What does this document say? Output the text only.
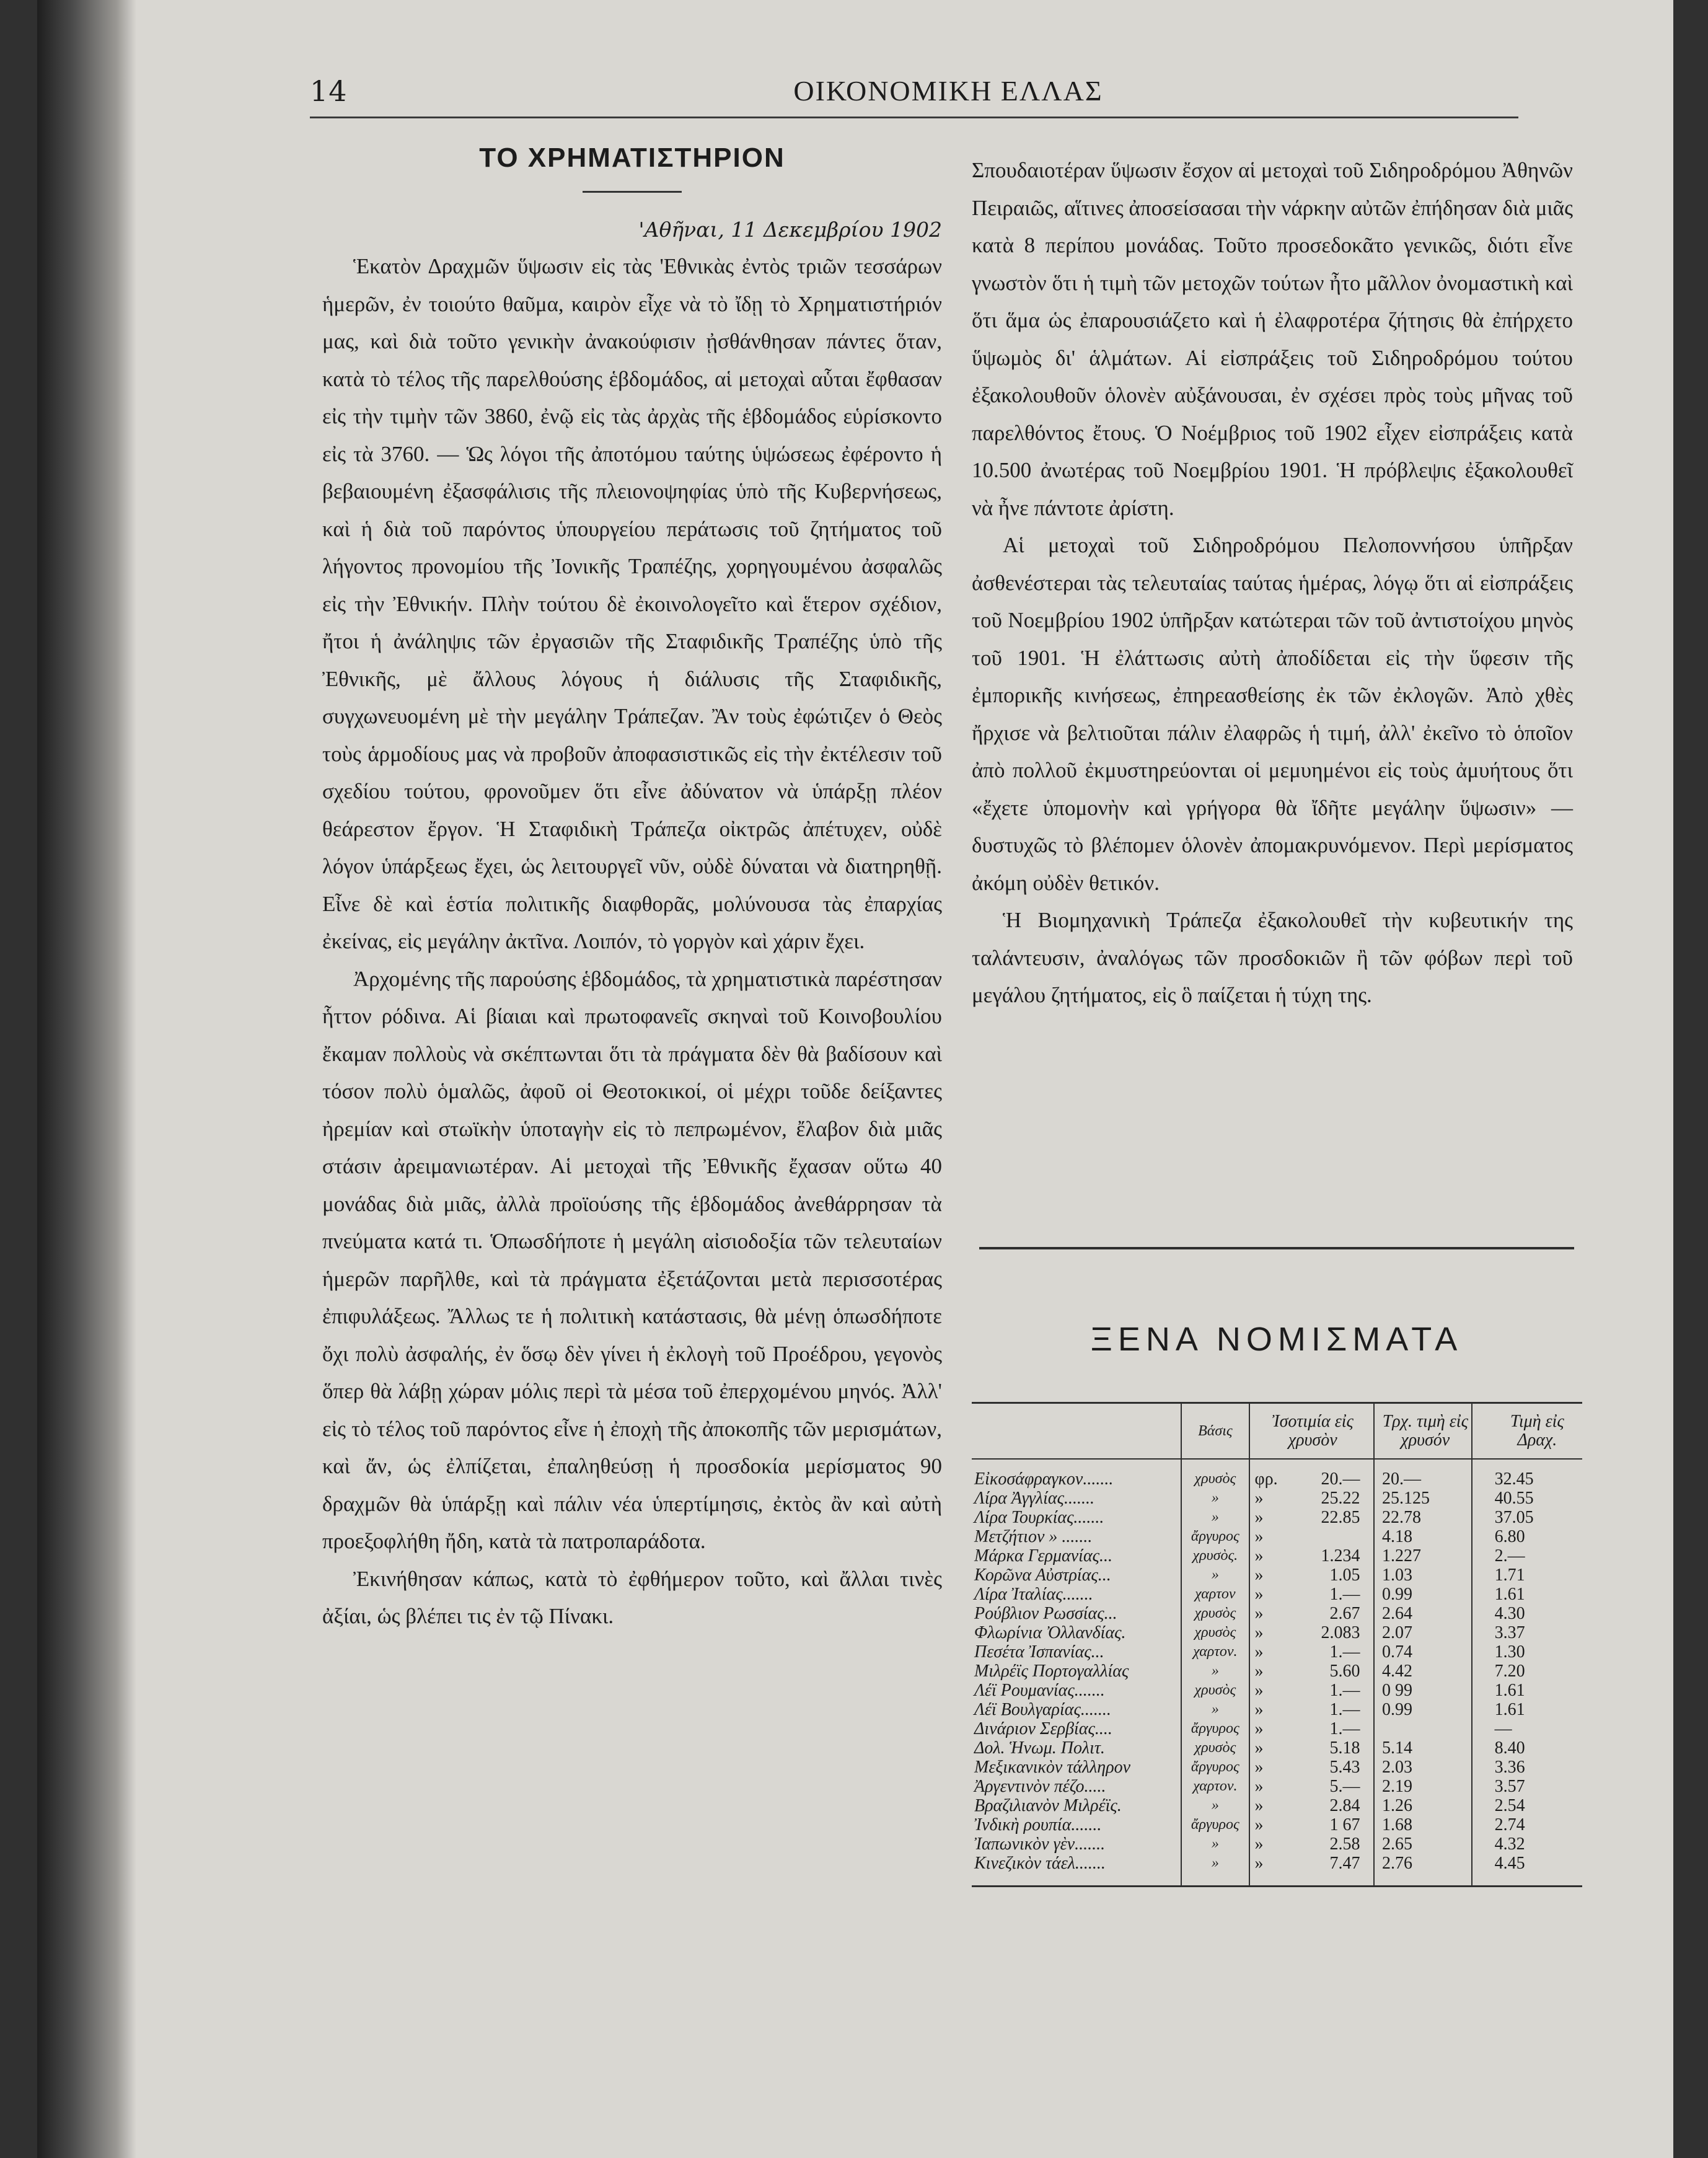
14	ΟΙΚΟΝΟΜΙΚΗ ΕΛΛΑΣ
ΤΟ ΧΡΗΜΑΤΙΣΤΗΡΙΟΝ
'Αθῆναι, 11 Δεκεμβρίου 1902

Ἑκατὸν Δραχμῶν ὕψωσιν εἰς τὰς 'Εθνικὰς ἐντὸς τριῶν τεσσάρων ἡμερῶν, ἐν τοιούτο θαῦμα, καιρὸν εἶχε νὰ τὸ ἴδῃ τὸ Χρηματιστήριόν μας, καὶ διὰ τοῦτο γενικὴν ἀνακούφισιν ᾐσθάνθησαν πάντες ὅταν, κατὰ τὸ τέλος τῆς παρελθούσης ἑβδομάδος, αἱ μετοχαὶ αὗται ἔφθασαν εἰς τὴν τιμὴν τῶν 3860, ἐνῷ εἰς τὰς ἀρχὰς τῆς ἑβδομάδος εὑρίσκοντο εἰς τὰ 3760. — Ὡς λόγοι τῆς ἀποτόμου ταύτης ὑψώσεως ἐφέροντο ἡ βεβαιουμένη ἐξασφάλισις τῆς πλειονοψηφίας ὑπὸ τῆς Κυβερνήσεως, καὶ ἡ διὰ τοῦ παρόντος ὑπουργείου πεpάτωσις τοῦ ζητήματος τοῦ λήγοντος προνομίου τῆς Ἰονικῆς Τραπέζης, χορηγουμένου ἀσφαλῶς εἰς τὴν Ἐθνικήν. Πλὴν τούτου δὲ ἐκοινολογεῖτο καὶ ἕτερον σχέδιον, ἤτοι ἡ ἀνάληψις τῶν ἐργασιῶν τῆς Σταφιδικῆς Τραπέζης ὑπὸ τῆς Ἐθνικῆς, μὲ ἄλλους λόγους ἡ διάλυσις τῆς Σταφιδικῆς, συγχωνευομένη μὲ τὴν μεγάλην Τράπεζαν. Ἂν τοὺς ἐφώτιζεν ὁ Θεὸς τοὺς ἁρμοδίους μας νὰ προβοῦν ἀποφασιστικῶς εἰς τὴν ἐκτέλεσιν τοῦ σχεδίου τούτου, φρονοῦμεν ὅτι εἶνε ἀδύνατον νὰ ὑπάρξῃ πλέον θεάρεστον ἔργον. Ἡ Σταφιδικὴ Τράπεζα οἰκτρῶς ἀπέτυχεν, οὐδὲ λόγον ὑπάρξεως ἔχει, ὡς λειτουργεῖ νῦν, οὐδὲ δύναται νὰ διατηρηθῇ. Εἶνε δὲ καὶ ἑστία πολιτικῆς διαφθορᾶς, μολύνουσα τὰς ἐπαρχίας ἐκείνας, εἰς μεγάλην ἀκτῖνα. Λοιπόν, τὸ γοργὸν καὶ χάριν ἔχει.

Ἀρχομένης τῆς παρούσης ἑβδομάδος, τὰ χρηματιστικὰ παρέστησαν ἧττον ρόδινα. Αἱ βίαιαι καὶ πρωτοφανεῖς σκηναὶ τοῦ Κοινοβουλίου ἔκαμαν πολλοὺς νὰ σκέπτωνται ὅτι τὰ πράγματα δὲν θὰ βαδίσουν καὶ τόσον πολὺ ὁμαλῶς, ἀφοῦ οἱ Θεοτοκικοί, οἱ μέχρι τοῦδε δείξαντες ἠρεμίαν καὶ στωϊκὴν ὑποταγὴν εἰς τὸ πεπρωμένον, ἔλαβον διὰ μιᾶς στάσιν ἀρειμανιωτέραν. Αἱ μετοχαὶ τῆς Ἐθνικῆς ἔχασαν οὕτω 40 μονάδας διὰ μιᾶς, ἀλλὰ προϊούσης τῆς ἑβδομάδος ἀνεθάρρησαν τὰ πνεύματα κατά τι. Ὁπωσδήποτε ἡ μεγάλη αἰσιοδοξία τῶν τελευταίων ἡμερῶν παρῆλθε, καὶ τὰ πράγματα ἐξετάζονται μετὰ περισσοτέρας ἐπιφυλάξεως. Ἄλλως τε ἡ πολιτικὴ κατάστασις, θὰ μένῃ ὁπωσδήποτε ὄχι πολὺ ἀσφαλής, ἐν ὅσῳ δὲν γίνει ἡ ἐκλογὴ τοῦ Προέδρου, γεγονὸς ὅπερ θὰ λάβῃ χώραν μόλις περὶ τὰ μέσα τοῦ ἐπερχομένου μηνός. Ἀλλ' εἰς τὸ τέλος τοῦ παρόντος εἶνε ἡ ἐποχὴ τῆς ἀποκοπῆς τῶν μερισμάτων, καὶ ἄν, ὡς ἐλπίζεται, ἐπαληθεύσῃ ἡ προσδοκία μερίσματος 90 δραχμῶν θὰ ὑπάρξῃ καὶ πάλιν νέα ὑπερτίμησις, ἐκτὸς ἂν καὶ αὐτὴ προεξοφλήθη ἤδη, κατὰ τὰ πατροπαράδοτα.

Ἐκινήθησαν κάπως, κατὰ τὸ ἐφθήμερον τοῦτο, καὶ ἄλλαι τινὲς ἀξίαι, ὡς βλέπει τις ἐν τῷ Πίνακι.

Σπουδαιοτέραν ὕψωσιν ἔσχον αἱ μετοχαὶ τοῦ Σιδηροδρόμου Ἀθηνῶν Πειραιῶς, αἵτινες ἀποσείσασαι τὴν νάρκην αὐτῶν ἐπήδησαν διὰ μιᾶς κατὰ 8 περίπου μονάδας. Τοῦτο προσεδοκᾶτο γενικῶς, διότι εἶνε γνωστὸν ὅτι ἡ τιμὴ τῶν μετοχῶν τούτων ἦτο μᾶλλον ὀνομαστικὴ καὶ ὅτι ἅμα ὡς ἐπαρουσιάζετο καὶ ἡ ἐλαφροτέρα ζήτησις θὰ ἐπήρχετο ὕψωμὸς δι' ἁλμάτων. Αἱ εἰσπράξεις τοῦ Σιδηροδρόμου τούτου ἐξακολουθοῦν ὁλονὲν αὐξάνουσαι, ἐν σχέσει πρὸς τοὺς μῆνας τοῦ παρελθόντος ἔτους. Ὁ Νοέμβριος τοῦ 1902 εἶχεν εἰσπράξεις κατὰ 10.500 ἀνωτέρας τοῦ Νοεμβρίου 1901. Ἡ πρόβλεψις ἐξακολουθεῖ νὰ ἦνε πάντοτε ἀρίστη.

Αἱ μετοχαὶ τοῦ Σιδηροδρόμου Πελοποννήσου ὑπῆρξαν ἀσθενέστεραι τὰς τελευταίας ταύτας ἡμέρας, λόγῳ ὅτι αἱ εἰσπράξεις τοῦ Νοεμβρίου 1902 ὑπῆρξαν κατώτεραι τῶν τοῦ ἀντιστοίχου μηνὸς τοῦ 1901. Ἡ ἐλάττωσις αὐτὴ ἀποδίδεται εἰς τὴν ὕφεσιν τῆς ἐμπορικῆς κινήσεως, ἐπηρεασθείσης ἐκ τῶν ἐκλογῶν. Ἀπὸ χθὲς ἤρχισε νὰ βελτιοῦται πάλιν ἐλαφρῶς ἡ τιμή, ἀλλ' ἐκεῖνο τὸ ὁποῖον ἀπὸ πολλοῦ ἐκμυστηρεύονται οἱ μεμυημένοι εἰς τοὺς ἀμυήτους ὅτι «ἔχετε ὑπομονὴν καὶ γρήγορα θὰ ἴδῆτε μεγάλην ὕψωσιν» — δυστυχῶς τὸ βλέπομεν ὁλονὲν ἀπομακρυνόμενον. Περὶ μερίσματος ἀκόμη οὐδὲν θετικόν.

Ἡ Βιομηχανικὴ Τράπεζα ἐξακολουθεῖ τὴν κυβευτικήν της ταλάντευσιν, ἀναλόγως τῶν προσδοκιῶν ἢ τῶν φόβων περὶ τοῦ μεγάλου ζητήματος, εἰς ὃ παίζεται ἡ τύχη της.

ΞΕΝΑ ΝΟΜΙΣΜΑΤΑ
	Βάσις	Ἰσοτιμία εἰς χρυσὸν	Τρχ. τιμὴ εἰς χρυσόν	Τιμὴ εἰς Δραχ.
Εἰκοσάφραγκον.......	χρυσὸς	φρ. 20.—	20.—	32.45
Λίρα Ἀγγλίας.......	»	» 25.22	25.125	40.55
Λίρα Τουρκίας.......	»	» 22.85	22.78	37.05
Μετζήτιον » .......	ἄργυρος	»	4.18	6.80
Μάρκα Γερμανίας...	χρυσὸς.	» 1.234	1.227	2.—
Κορῶνα Αὐστρίας...	»	» 1.05	1.03	1.71
Λίρα Ἰταλίας.......	χαρτον	» 1.—	0.99	1.61
Ρούβλιον Ρωσσίας...	χρυσὸς	» 2.67	2.64	4.30
Φλωρίνια Ὀλλανδίας.	χρυσὸς	» 2.083	2.07	3.37
Πεσέτα Ἰσπανίας...	χαρτον.	» 1.—	0.74	1.30
Μιλρέϊς Πορτογαλλίας	»	» 5.60	4.42	7.20
Λέϊ Ρουμανίας.......	χρυσὸς	» 1.—	0 99	1.61
Λέϊ Βουλγαρίας.......	»	» 1.—	0.99	1.61
Δινάριον Σερβίας....	ἄργυρος	» 1.—		—
Δολ. Ἡνωμ. Πολιτ.	χρυσὸς	» 5.18	5.14	8.40
Μεξικανικὸν τάλληρον	ἄργυρος	» 5.43	2.03	3.36
Ἀργεντινὸν πέζο.....	χαρτον.	» 5.—	2.19	3.57
Βραζιλιανὸν Μιλρέϊς.	»	» 2.84	1.26	2.54
Ἰνδικὴ ρουπία.......	ἄργυρος	» 1 67	1.68	2.74
Ἰαπωνικὸν γὲν.......	»	» 2.58	2.65	4.32
Κινεζικὸν τάελ.......	»	» 7.47	2.76	4.45
